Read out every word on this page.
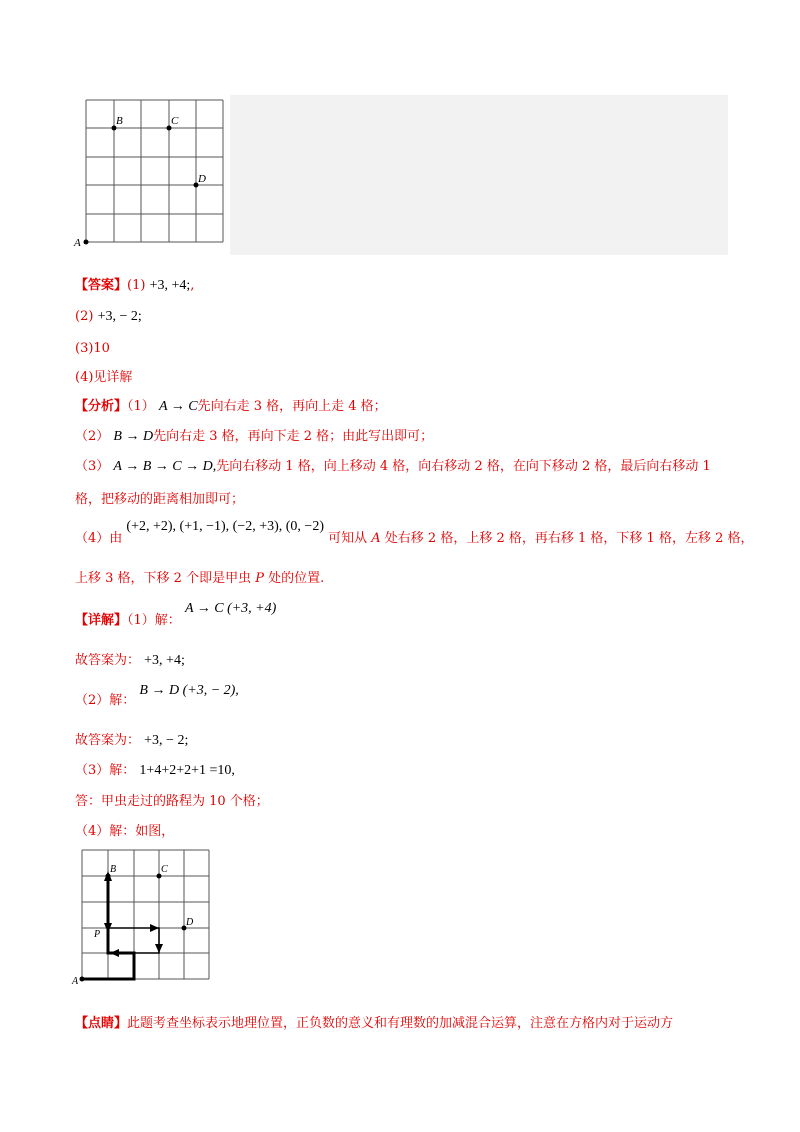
A
B	C
D
【答案】(1) +3, +4;,
(2) +3, − 2;
(3)10
(4)见详解
【分析】（1） A → C先向右走 3 格，再向上走 4 格；
（2） B → D先向右走 3 格，再向下走 2 格；由此写出即可；
（3） A → B → C → D,先向右移动 1 格，向上移动 4 格，向右移动 2 格，在向下移动 2 格，最后向右移动 1
格，把移动的距离相加即可；
（4）由 (+2, +2), (+1, −1), (−2, +3), (0, −2) 可知从 A 处右移 2 格，上移 2 格，再右移 1 格，下移 1 格，左移 2 格，
上移 3 格，下移 2 个即是甲虫 P 处的位置.
【详解】（1）解： A → C (+3, +4)
故答案为： +3, +4;
（2）解： B → D (+3, − 2),
故答案为： +3, − 2;
（3）解： 1+4+2+2+1 =10,
答：甲虫走过的路程为 10 个格；
（4）解：如图，
A
B	C
D
P
【点睛】此题考查坐标表示地理位置，正负数的意义和有理数的加减混合运算，注意在方格内对于运动方
